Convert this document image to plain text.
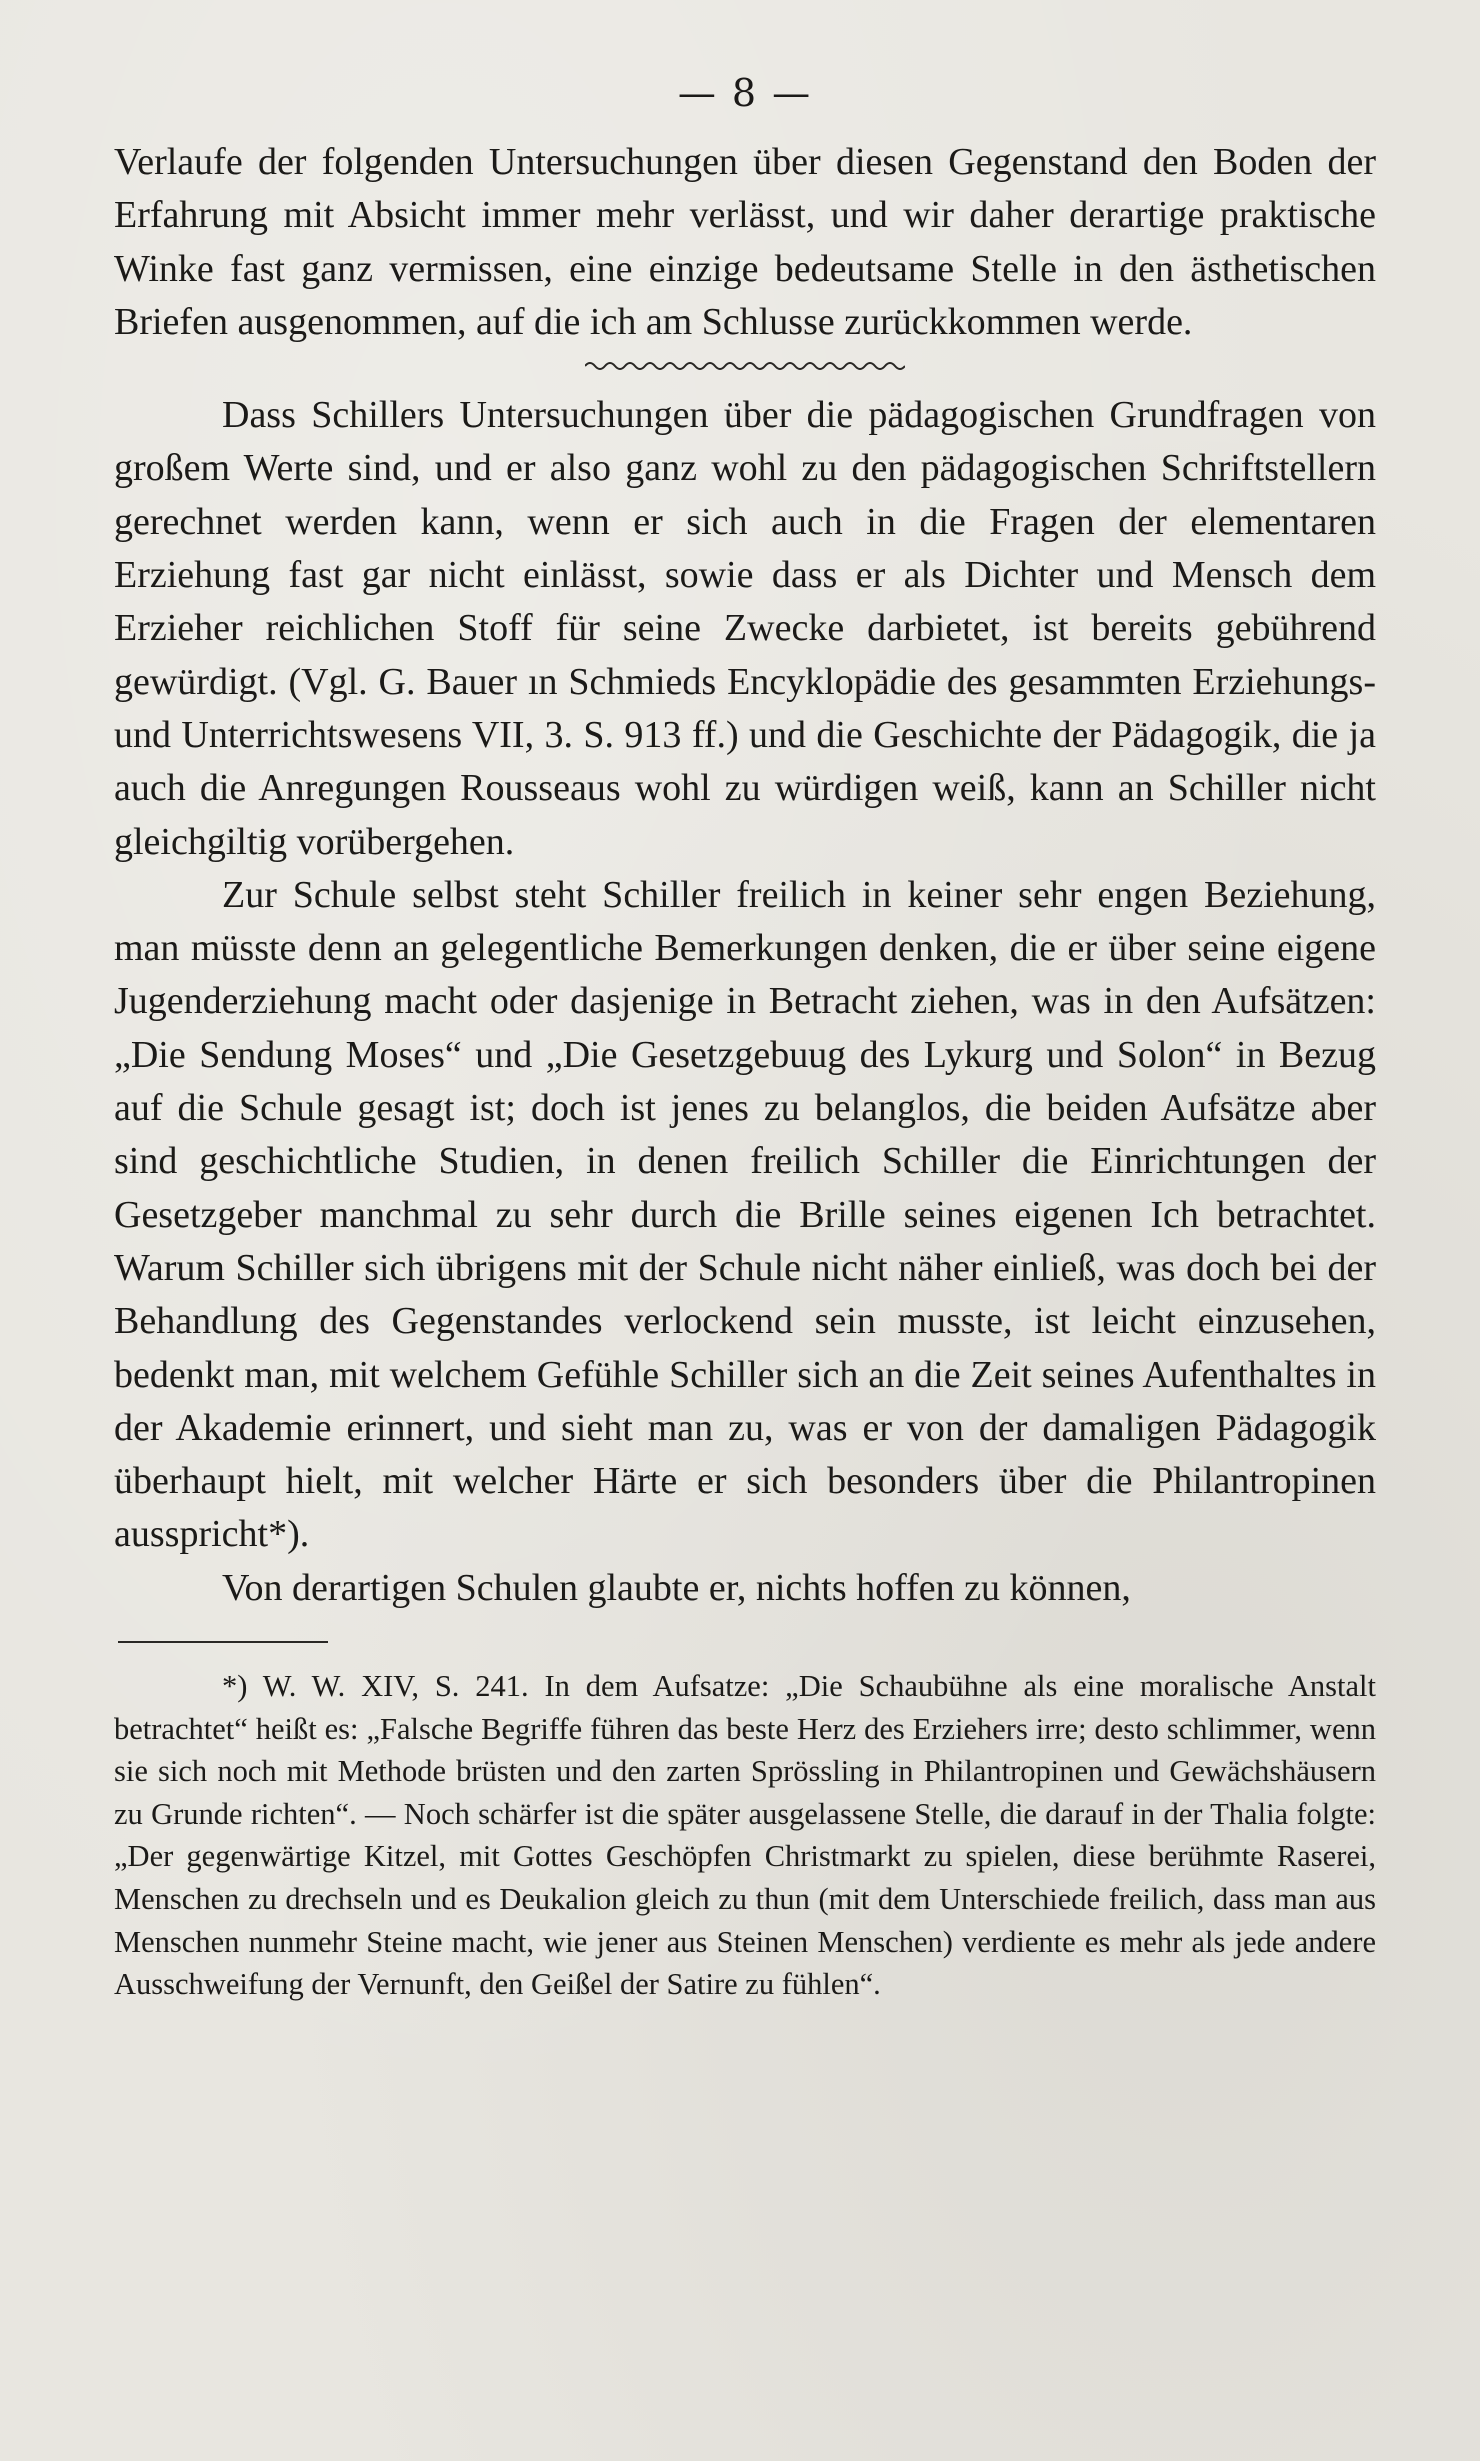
— 8 —

Verlaufe der folgenden Untersuchungen über diesen Gegenstand den Boden der Erfahrung mit Absicht immer mehr verlässt, und wir daher derartige praktische Winke fast ganz vermissen, eine einzige bedeutsame Stelle in den ästhetischen Briefen ausgenommen, auf die ich am Schlusse zurückkommen werde.

Dass Schillers Untersuchungen über die pädagogischen Grundfragen von großem Werte sind, und er also ganz wohl zu den pädagogischen Schriftstellern gerechnet werden kann, wenn er sich auch in die Fragen der elementaren Erziehung fast gar nicht einlässt, sowie dass er als Dichter und Mensch dem Erzieher reichlichen Stoff für seine Zwecke darbietet, ist bereits gebührend gewürdigt. (Vgl. G. Bauer ın Schmieds Encyklopädie des gesammten Erziehungs- und Unterrichtswesens VII, 3. S. 913 ff.) und die Geschichte der Pädagogik, die ja auch die Anregungen Rousseaus wohl zu würdigen weiß, kann an Schiller nicht gleichgiltig vorübergehen.

Zur Schule selbst steht Schiller freilich in keiner sehr engen Beziehung, man müsste denn an gelegentliche Bemerkungen denken, die er über seine eigene Jugenderziehung macht oder dasjenige in Betracht ziehen, was in den Aufsätzen: „Die Sendung Moses“ und „Die Gesetzgebuug des Lykurg und Solon“ in Bezug auf die Schule gesagt ist; doch ist jenes zu belanglos, die beiden Aufsätze aber sind geschichtliche Studien, in denen freilich Schiller die Einrichtungen der Gesetzgeber manchmal zu sehr durch die Brille seines eigenen Ich betrachtet. Warum Schiller sich übrigens mit der Schule nicht näher einließ, was doch bei der Behandlung des Gegenstandes verlockend sein musste, ist leicht einzusehen, bedenkt man, mit welchem Gefühle Schiller sich an die Zeit seines Aufenthaltes in der Akademie erinnert, und sieht man zu, was er von der damaligen Pädagogik überhaupt hielt, mit welcher Härte er sich besonders über die Philantropinen ausspricht*).

Von derartigen Schulen glaubte er, nichts hoffen zu können,

*) W. W. XIV, S. 241. In dem Aufsatze: „Die Schaubühne als eine moralische Anstalt betrachtet“ heißt es: „Falsche Begriffe führen das beste Herz des Erziehers irre; desto schlimmer, wenn sie sich noch mit Methode brüsten und den zarten Sprössling in Philantropinen und Gewächshäusern zu Grunde richten“. — Noch schärfer ist die später ausgelassene Stelle, die darauf in der Thalia folgte: „Der gegenwärtige Kitzel, mit Gottes Geschöpfen Christmarkt zu spielen, diese berühmte Raserei, Menschen zu drechseln und es Deukalion gleich zu thun (mit dem Unterschiede freilich, dass man aus Menschen nunmehr Steine macht, wie jener aus Steinen Menschen) verdiente es mehr als jede andere Ausschweifung der Vernunft, den Geißel der Satire zu fühlen“.
